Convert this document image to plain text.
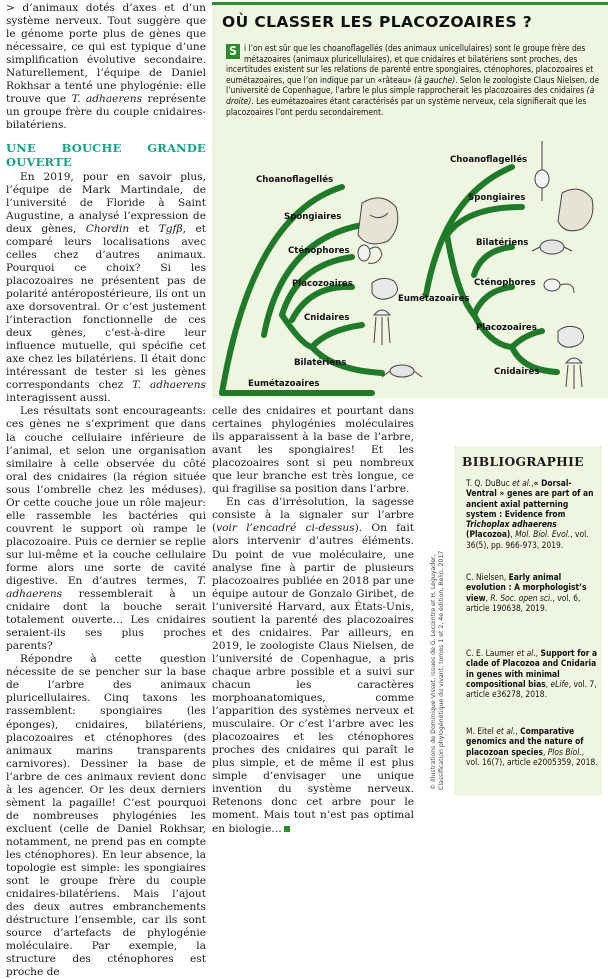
> d’animaux dotés d’axes et d’un système nerveux. Tout suggère que le génome porte plus de gènes que nécessaire, ce qui est typique d’une simplification évolutive secondaire. Naturellement, l’équipe de Daniel Rokhsar a tenté une phylogénie: elle trouve que T. adhaerens représente un groupe frère du couple cnidaires-bilatériens.

UNE BOUCHE GRANDE OUVERTE

En 2019, pour en savoir plus, l’équipe de Mark Martindale, de l’université de Floride à Saint Augustine, a analysé l’expression de deux gènes, Chordin et Tgfβ, et comparé leurs localisations avec celles chez d’autres animaux. Pourquoi ce choix? Si les placozoaires ne présentent pas de polarité antéropostérieure, ils ont un axe dorsoventral. Or c’est justement l’interaction fonctionnelle de ces deux gènes, c’est-à-dire leur influence mutuelle, qui spécifie cet axe chez les bilatériens. Il était donc intéressant de tester si les gènes correspondants chez T. adhaerens interagissent aussi.

Les résultats sont encourageants: ces gènes ne s’expriment que dans la couche cellulaire inférieure de l’animal, et selon une organisation similaire à celle observée du côté oral des cnidaires (la région située sous l’ombrelle chez les méduses). Or cette couche joue un rôle majeur: elle rassemble les bactéries qui couvrent le support où rampe le placozoaire. Puis ce dernier se replie sur lui-même et la couche cellulaire forme alors une sorte de cavité digestive. En d’autres termes, T. adhaerens ressemblerait à un cnidaire dont la bouche serait totalement ouverte… Les cnidaires seraient-ils ses plus proches parents?

Répondre à cette question nécessite de se pencher sur la base de l’arbre des animaux pluricellulaires. Cinq taxons les rassemblent: spongiaires (les éponges), cnidaires, bilatériens, placozoaires et cténophores (des animaux marins transparents carnivores). Dessiner la base de l’arbre de ces animaux revient donc à les agencer. Or les deux derniers sèment la pagaille! C’est pourquoi de nombreuses phylogénies les excluent (celle de Daniel Rokhsar, notamment, ne prend pas en compte les cténophores). En leur absence, la topologie est simple: les spongiaires sont le groupe frère du couple cnidaires-bilatériens. Mais l’ajout des deux autres embranchements déstructure l’ensemble, car ils sont source d’artefacts de phylogénie moléculaire. Par exemple, la structure des cténophores est proche de

OÙ CLASSER LES PLACOZOAIRES ?
S i l’on est sûr que les choanoflagellés (des animaux unicellulaires) sont le groupe frère des métazoaires (animaux pluricellulaires), et que cnidaires et bilatériens sont proches, des incertitudes existent sur les relations de parenté entre spongiaires, cténophores, placozoaires et eumétazoaires, que l’on indique par un «râteau» (à gauche). Selon le zoologiste Claus Nielsen, de l’université de Copenhague, l’arbre le plus simple rapprocherait les placozoaires des cnidaires (à droite). Les eumétazoaires étant caractérisés par un système nerveux, cela signifierait que les placozoaires l’ont perdu secondairement.
Choanoflagellés
Spongiaires
Cténophores
Placozoaires
Cnidaires
Bilatériens
Eumétazoaires
Choanoflagellés
Spongiaires
Bilatériens
Cténophores
Placozoaires
Cnidaires
Eumétazoaires

celle des cnidaires et pourtant dans certaines phylogénies moléculaires ils apparaissent à la base de l’arbre, avant les spongiaires! Et les placozoaires sont si peu nombreux que leur branche est très longue, ce qui fragilise sa position dans l’arbre.

En cas d’irrésolution, la sagesse consiste à la signaler sur l’arbre (voir l’encadré ci-dessus). On fait alors intervenir d’autres éléments. Du point de vue moléculaire, une analyse fine à partir de plusieurs placozoaires publiée en 2018 par une équipe autour de Gonzalo Giribet, de l’université Harvard, aux États-Unis, soutient la parenté des placozoaires et des cnidaires. Par ailleurs, en 2019, le zoologiste Claus Nielsen, de l’université de Copenhague, a pris chaque arbre possible et a suivi sur chacun les caractères morphoanatomiques, comme l’apparition des systèmes nerveux et musculaire. Or c’est l’arbre avec les placozoaires et les cténophores proches des cnidaires qui paraît le plus simple, et de même il est plus simple d’envisager une unique invention du système nerveux. Retenons donc cet arbre pour le moment. Mais tout n’est pas optimal en biologie…

© Illustrations de Dominique Visset, issues de G. Lecointre et H. Leguyader, Classification phylogénétique du vivant, tomes 1 et 2, 4e édition, Belin, 2017
BIBLIOGRAPHIE
T. Q. DuBuc et al.,« Dorsal-Ventral » genes are part of an ancient axial patterning system : Evidence from Trichoplax adhaerens (Placozoa), Mol. Biol. Evol., vol. 36(5), pp. 966-973, 2019.
C. Nielsen, Early animal evolution : A morphologist’s view, R. Soc. open sci., vol. 6, article 190638, 2019.
C. E. Laumer et al., Support for a clade of Placozoa and Cnidaria in genes with minimal compositional bias, eLife, vol. 7, article e36278, 2018.
M. Eitel et al., Comparative genomics and the nature of placozoan species, Plos Biol., vol. 16(7), article e2005359, 2018.
